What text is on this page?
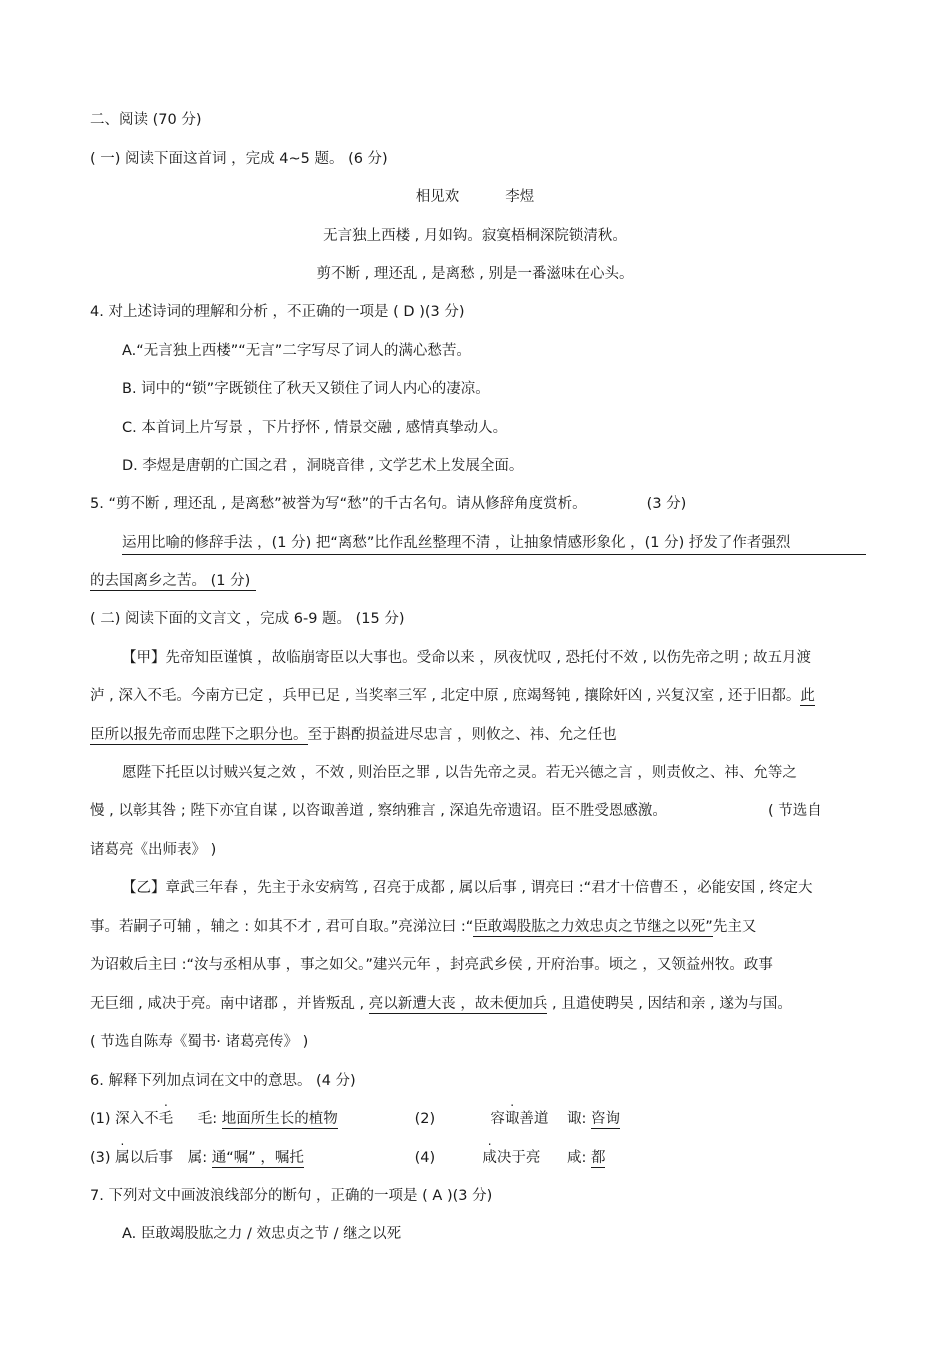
二、阅读 (70 分)
( 一) 阅读下面这首词 ，完成 4~5 题。 (6 分)
相见欢	李煜
无言独上西楼 , 月如钩。寂寞梧桐深院锁清秋。
剪不断 , 理还乱 , 是离愁 , 别是一番滋味在心头。
4. 对上述诗词的理解和分析 ，不正确的一项是 ( D )(3 分)
A.“无言独上西楼”“无言”二字写尽了词人的满心愁苦。
B. 词中的“锁”字既锁住了秋天又锁住了词人内心的凄凉。
C. 本首词上片写景 ，下片抒怀 , 情景交融 , 感情真挚动人。
D. 李煜是唐朝的亡国之君 ，洞晓音律 , 文学艺术上发展全面。
5. “剪不断 , 理还乱 , 是离愁”被誉为写“愁”的千古名句。请从修辞角度赏析。	(3 分)
运用比喻的修辞手法 ，(1 分) 把“离愁”比作乱丝整理不清 ，让抽象情感形象化 ，(1 分) 抒发了作者强烈
的去国离乡之苦。 (1 分)
( 二) 阅读下面的文言文 ，完成 6-9 题。 (15 分)
【甲】先帝知臣谨慎 ，故临崩寄臣以大事也。受命以来 ，夙夜忧叹 , 恐托付不效 , 以伤先帝之明 ; 故五月渡
泸 , 深入不毛。今南方已定 ，兵甲已足 , 当奖率三军 , 北定中原 , 庶竭驽钝 , 攘除奸凶 , 兴复汉室 , 还于旧都。此
臣所以报先帝而忠陛下之职分也。至于斟酌损益进尽忠言 ，则攸之、祎、允之任也
愿陛下托臣以讨贼兴复之效 ，不效 , 则治臣之罪 , 以告先帝之灵。若无兴德之言 ，则责攸之、祎、允等之
慢 , 以彰其咎 ; 陛下亦宜自谋 , 以咨诹善道 , 察纳雅言 , 深追先帝遗诏。臣不胜受恩感激。	( 节选自
诸葛亮《出师表》 )
【乙】章武三年春 ，先主于永安病笃 , 召亮于成都 , 属以后事 , 谓亮曰 :“君才十倍曹丕 ，必能安国 , 终定大
事。若嗣子可辅 ，辅之 : 如其不才 , 君可自取。”亮涕泣曰 :“臣敢竭股肱之力效忠贞之节继之以死”先主又
为诏敕后主曰 :“汝与丞相从事 ，事之如父。”建兴元年 ，封亮武乡侯 , 开府治事。顷之 ，又领益州牧。政事
无巨细 , 咸决于亮。南中诸郡 ，并皆叛乱 , 亮以新遭大丧 ，故未便加兵 , 且遣使聘吴 , 因结和亲 , 遂为与国。
( 节选自陈寿《蜀书· 诸葛亮传》 )
6. 解释下列加点词在文中的意思。 (4 分)
(1) 深入不毛 毛: 地面所生长的植物	(2)	容诹善道 诹: 咨询
(3) 属以后事 属: 通“嘱” ，嘱托	(4)	咸决于亮 咸: 都
7. 下列对文中画波浪线部分的断句 ，正确的一项是 ( A )(3 分)
A. 臣敢竭股肱之力 / 效忠贞之节 / 继之以死
